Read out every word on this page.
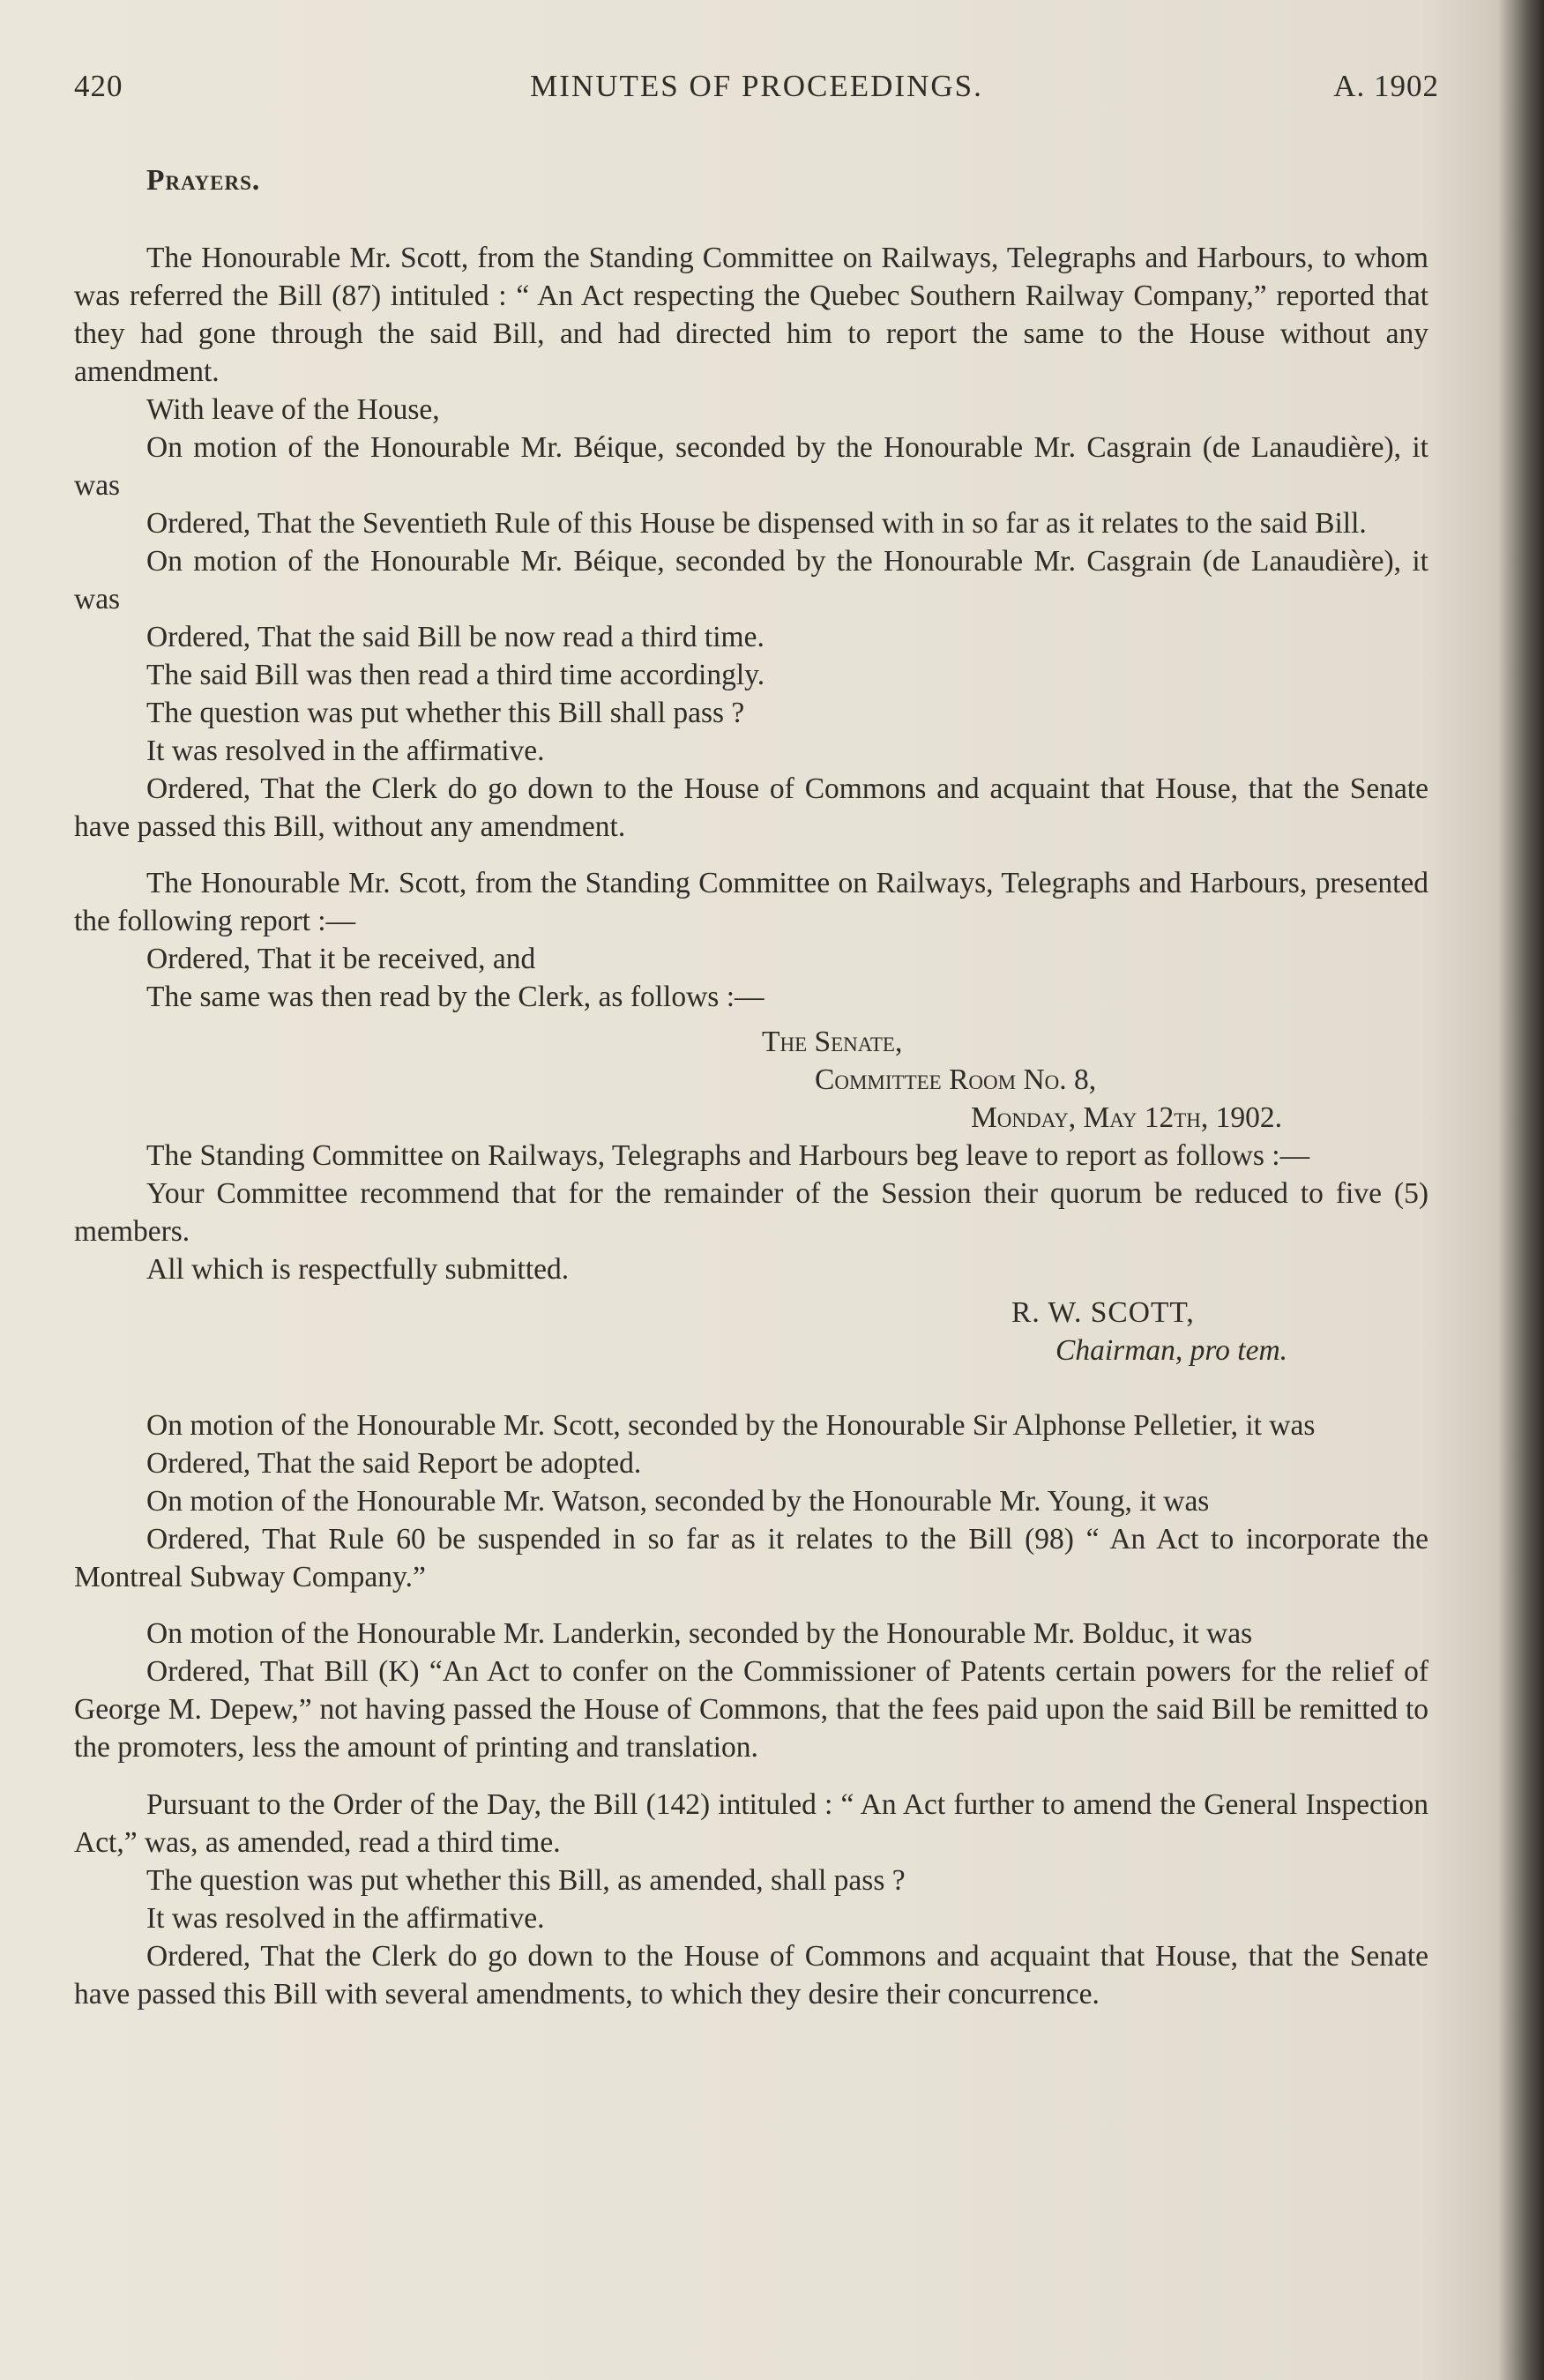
420	MINUTES OF PROCEEDINGS.	A. 1902
Prayers.

The Honourable Mr. Scott, from the Standing Committee on Railways, Telegraphs and Harbours, to whom was referred the Bill (87) intituled : “ An Act respecting the Quebec Southern Railway Company,” reported that they had gone through the said Bill, and had directed him to report the same to the House without any amendment.

With leave of the House,

On motion of the Honourable Mr. Béique, seconded by the Honourable Mr. Casgrain (de Lanaudière), it was

Ordered, That the Seventieth Rule of this House be dispensed with in so far as it relates to the said Bill.

On motion of the Honourable Mr. Béique, seconded by the Honourable Mr. Casgrain (de Lanaudière), it was

Ordered, That the said Bill be now read a third time.

The said Bill was then read a third time accordingly.

The question was put whether this Bill shall pass ?

It was resolved in the affirmative.

Ordered, That the Clerk do go down to the House of Commons and acquaint that House, that the Senate have passed this Bill, without any amendment.

The Honourable Mr. Scott, from the Standing Committee on Railways, Telegraphs and Harbours, presented the following report :—

Ordered, That it be received, and

The same was then read by the Clerk, as follows :—

The Senate,
Committee Room No. 8,
Monday, May 12th, 1902.

The Standing Committee on Railways, Telegraphs and Harbours beg leave to report as follows :—

Your Committee recommend that for the remainder of the Session their quorum be reduced to five (5) members.

All which is respectfully submitted.

R. W. SCOTT,
Chairman, pro tem.

On motion of the Honourable Mr. Scott, seconded by the Honourable Sir Alphonse Pelletier, it was

Ordered, That the said Report be adopted.

On motion of the Honourable Mr. Watson, seconded by the Honourable Mr. Young, it was

Ordered, That Rule 60 be suspended in so far as it relates to the Bill (98) “ An Act to incorporate the Montreal Subway Company.”

On motion of the Honourable Mr. Landerkin, seconded by the Honourable Mr. Bolduc, it was

Ordered, That Bill (K) “An Act to confer on the Commissioner of Patents certain powers for the relief of George M. Depew,” not having passed the House of Commons, that the fees paid upon the said Bill be remitted to the promoters, less the amount of printing and translation.

Pursuant to the Order of the Day, the Bill (142) intituled : “ An Act further to amend the General Inspection Act,” was, as amended, read a third time.

The question was put whether this Bill, as amended, shall pass ?

It was resolved in the affirmative.

Ordered, That the Clerk do go down to the House of Commons and acquaint that House, that the Senate have passed this Bill with several amendments, to which they desire their concurrence.
